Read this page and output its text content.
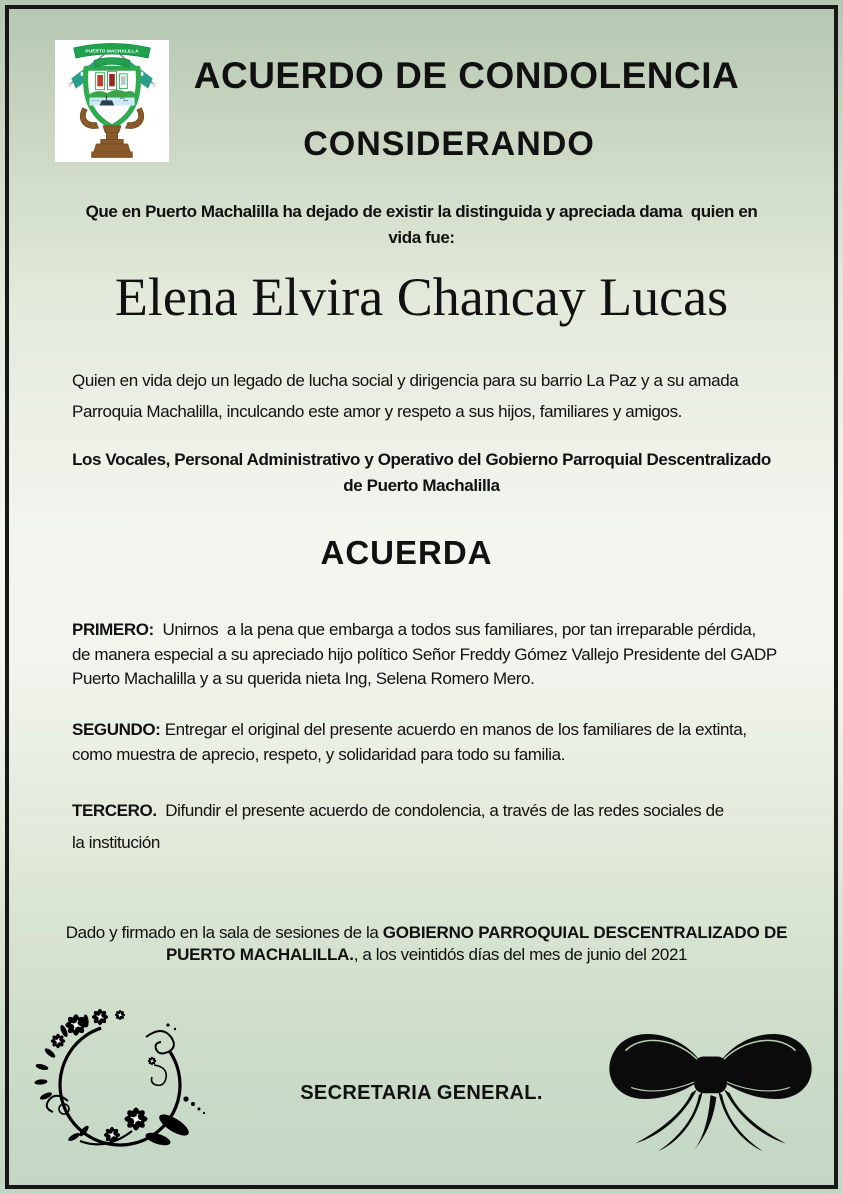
PUERTO MACHALILLA
ACUERDO DE CONDOLENCIA
CONSIDERANDO
Que en Puerto Machalilla ha dejado de existir la distinguida y apreciada dama  quien en
vida fue:
Elena Elvira Chancay Lucas
Quien en vida dejo un legado de lucha social y dirigencia para su barrio La Paz y a su amada
Parroquia Machalilla, inculcando este amor y respeto a sus hijos, familiares y amigos.
Los Vocales, Personal Administrativo y Operativo del Gobierno Parroquial Descentralizado
de Puerto Machalilla
ACUERDA
PRIMERO:  Unirnos  a la pena que embarga a todos sus familiares, por tan irreparable pérdida,
de manera especial a su apreciado hijo político Señor Freddy Gómez Vallejo Presidente del GADP
Puerto Machalilla y a su querida nieta Ing, Selena Romero Mero.
SEGUNDO: Entregar el original del presente acuerdo en manos de los familiares de la extinta,
como muestra de aprecio, respeto, y solidaridad para todo su familia.
TERCERO.  Difundir el presente acuerdo de condolencia, a través de las redes sociales de
la institución
Dado y firmado en la sala de sesiones de la GOBIERNO PARROQUIAL DESCENTRALIZADO DE PUERTO MACHALILLA., a los veintidós días del mes de junio del 2021
SECRETARIA GENERAL.
